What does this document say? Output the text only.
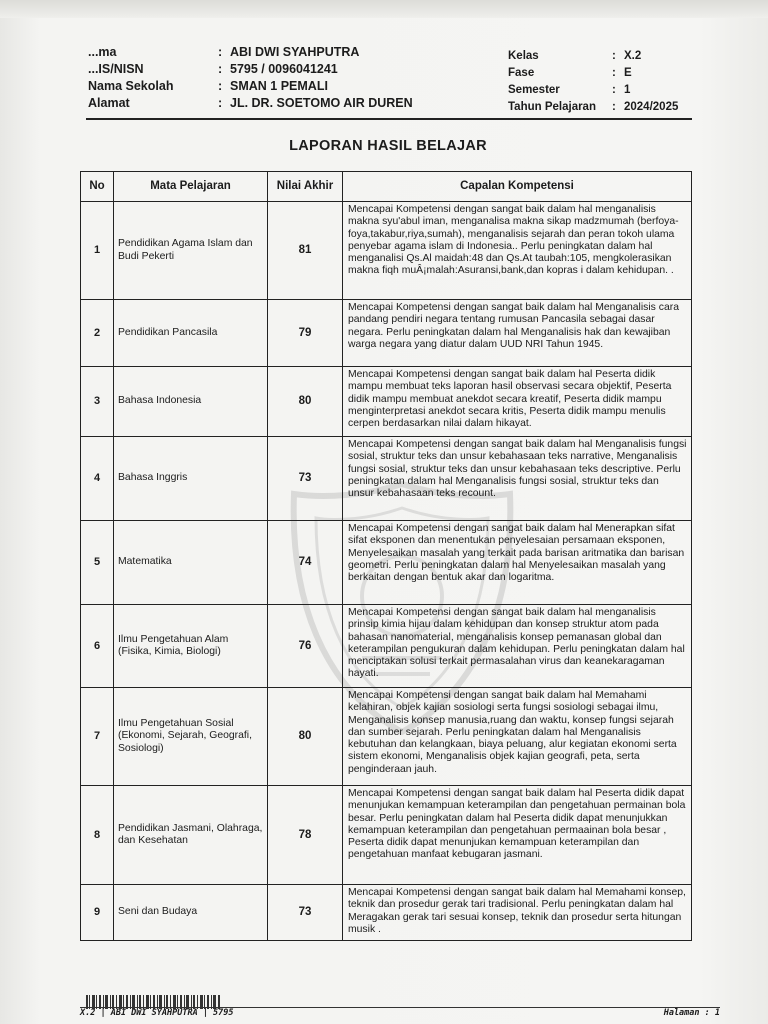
...ma	: ABI DWI SYAHPUTRA
...IS/NISN	: 5795 / 0096041241
Nama Sekolah	: SMAN 1 PEMALI
Alamat	: JL. DR. SOETOMO AIR DUREN
Kelas	: X.2
Fase	: E
Semester	: 1
Tahun Pelajaran	: 2024/2025
LAPORAN HASIL BELAJAR
No	Mata Pelajaran	Nilai Akhir	Capalan Kompetensi
1	Pendidikan Agama Islam dan Budi Pekerti	81	Mencapai Kompetensi dengan sangat baik dalam hal menganalisis makna syu'abul iman, menganalisa makna sikap madzmumah (berfoya-foya,takabur,riya,sumah), menganalisis sejarah dan peran tokoh ulama penyebar agama islam di Indonesia.. Perlu peningkatan dalam hal menganalisi Qs.Al maidah:48 dan Qs.At taubah:105, mengkolerasikan makna fiqh muÂ¡malah:Asuransi,bank,dan kopras i dalam kehidupan. .
2	Pendidikan Pancasila	79	Mencapai Kompetensi dengan sangat baik dalam hal Menganalisis cara pandang pendiri negara tentang rumusan Pancasila sebagai dasar negara. Perlu peningkatan dalam hal Menganalisis hak dan kewajiban warga negara yang diatur dalam UUD NRI Tahun 1945.
3	Bahasa Indonesia	80	Mencapai Kompetensi dengan sangat baik dalam hal Peserta didik mampu membuat teks laporan hasil observasi secara objektif, Peserta didik mampu membuat anekdot secara kreatif, Peserta didik mampu menginterpretasi anekdot secara kritis, Peserta didik mampu menulis cerpen berdasarkan nilai dalam hikayat.
4	Bahasa Inggris	73	Mencapai Kompetensi dengan sangat baik dalam hal Menganalisis fungsi sosial, struktur teks dan unsur kebahasaan teks narrative, Menganalisis fungsi sosial, struktur teks dan unsur kebahasaan teks descriptive. Perlu peningkatan dalam hal Menganalisis fungsi sosial, struktur teks dan unsur kebahasaan teks recount.
5	Matematika	74	Mencapai Kompetensi dengan sangat baik dalam hal Menerapkan sifat sifat eksponen dan menentukan penyelesaian persamaan eksponen, Menyelesaikan masalah yang terkait pada barisan aritmatika dan barisan geometri. Perlu peningkatan dalam hal Menyelesaikan masalah yang berkaitan dengan bentuk akar dan logaritma.
6	Ilmu Pengetahuan Alam (Fisika, Kimia, Biologi)	76	Mencapai Kompetensi dengan sangat baik dalam hal menganalisis prinsip kimia hijau dalam kehidupan dan konsep struktur atom pada bahasan nanomaterial, menganalisis konsep pemanasan global dan keterampilan pengukuran dalam kehidupan. Perlu peningkatan dalam hal menciptakan solusi terkait permasalahan virus dan keanekaragaman hayati.
7	Ilmu Pengetahuan Sosial (Ekonomi, Sejarah, Geografi, Sosiologi)	80	Mencapai Kompetensi dengan sangat baik dalam hal Memahami kelahiran, objek kajian sosiologi serta fungsi sosiologi sebagai ilmu, Menganalisis konsep manusia,ruang dan waktu, konsep fungsi sejarah dan sumber sejarah. Perlu peningkatan dalam hal Menganalisis kebutuhan dan kelangkaan, biaya peluang, alur kegiatan ekonomi serta sistem ekonomi, Menganalisis objek kajian geografi, peta, serta penginderaan jauh.
8	Pendidikan Jasmani, Olahraga, dan Kesehatan	78	Mencapai Kompetensi dengan sangat baik dalam hal Peserta didik dapat menunjukan kemampuan keterampilan dan pengetahuan permainan bola besar. Perlu peningkatan dalam hal Peserta didik dapat menunjukkan kemampuan keterampilan dan pengetahuan permaainan bola besar , Peserta didik dapat menunjukan kemampuan keterampilan dan pengetahuan manfaat kebugaran jasmani.
9	Seni dan Budaya	73	Mencapai Kompetensi dengan sangat baik dalam hal Memahami konsep, teknik dan prosedur gerak tari tradisional. Perlu peningkatan dalam hal Meragakan gerak tari sesuai konsep, teknik dan prosedur serta hitungan musik .
X.2 | ABI DWI SYAHPUTRA | 5795	Halaman : 1
